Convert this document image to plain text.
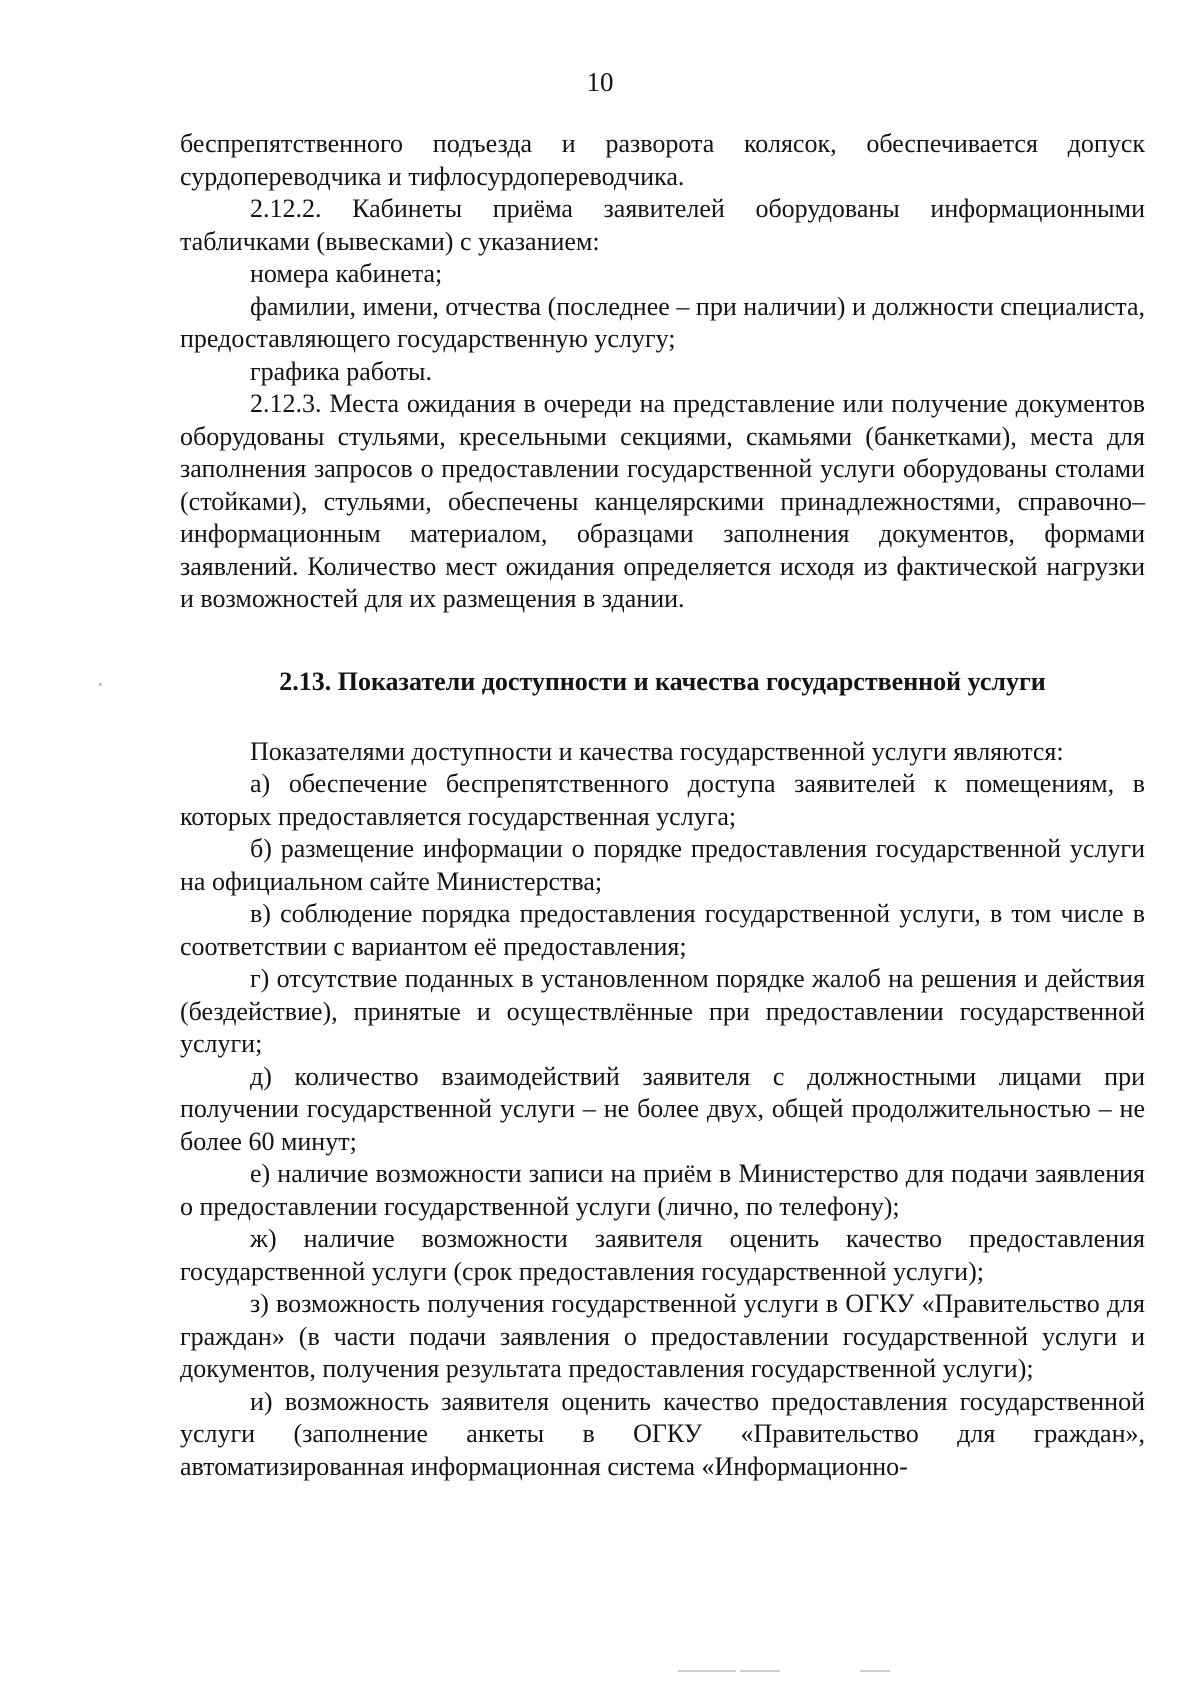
10

беспрепятственного подъезда и разворота колясок, обеспечивается допуск сурдопереводчика и тифлосурдопереводчика.

2.12.2. Кабинеты приёма заявителей оборудованы информационными табличками (вывесками) с указанием:

номера кабинета;

фамилии, имени, отчества (последнее – при наличии) и должности специалиста, предоставляющего государственную услугу;

графика работы.

2.12.3. Места ожидания в очереди на представление или получение документов оборудованы стульями, кресельными секциями, скамьями (банкетками), места для заполнения запросов о предоставлении государственной услуги оборудованы столами (стойками), стульями, обеспечены канцелярскими принадлежностями, справочно–информационным материалом, образцами заполнения документов, формами заявлений. Количество мест ожидания определяется исходя из фактической нагрузки и возможностей для их размещения в здании.

2.13. Показатели доступности и качества государственной услуги

Показателями доступности и качества государственной услуги являются:

а) обеспечение беспрепятственного доступа заявителей к помещениям, в которых предоставляется государственная услуга;

б) размещение информации о порядке предоставления государственной услуги на официальном сайте Министерства;

в) соблюдение порядка предоставления государственной услуги, в том числе в соответствии с вариантом её предоставления;

г) отсутствие поданных в установленном порядке жалоб на решения и действия (бездействие), принятые и осуществлённые при предоставлении государственной услуги;

д) количество взаимодействий заявителя с должностными лицами при получении государственной услуги – не более двух, общей продолжительностью – не более 60 минут;

е) наличие возможности записи на приём в Министерство для подачи заявления о предоставлении государственной услуги (лично, по телефону);

ж) наличие возможности заявителя оценить качество предоставления государственной услуги (срок предоставления государственной услуги);

з) возможность получения государственной услуги в ОГКУ «Правительство для граждан» (в части подачи заявления о предоставлении государственной услуги и документов, получения результата предоставления государственной услуги);

и) возможность заявителя оценить качество предоставления государственной услуги (заполнение анкеты в ОГКУ «Правительство для граждан», автоматизированная информационная система «Информационно-
